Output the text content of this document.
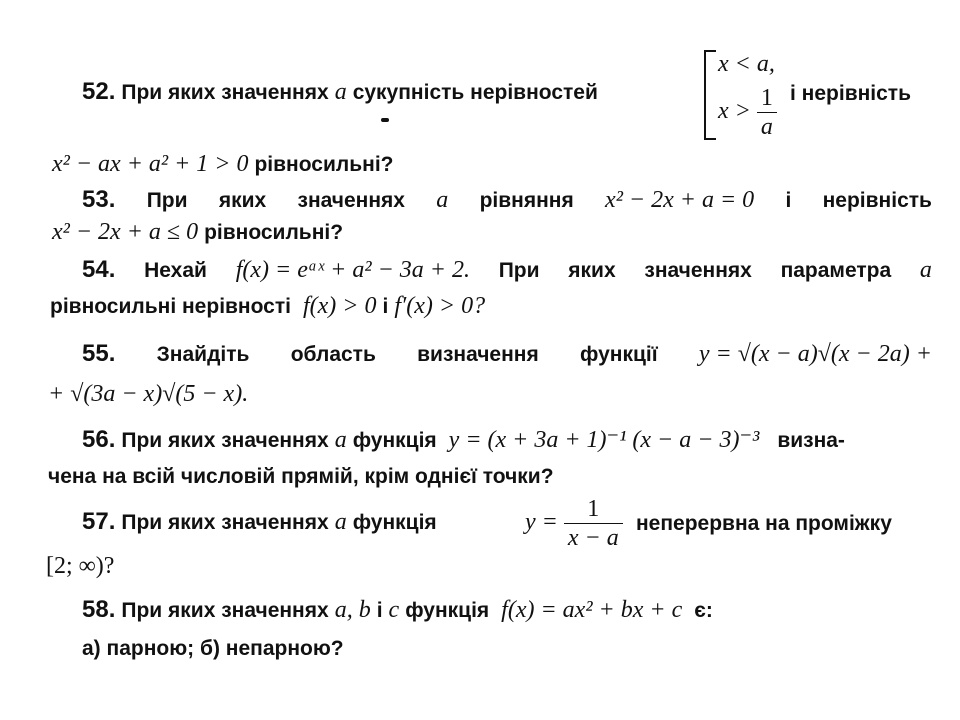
52. При яких значеннях a сукупність нерівностей
x < a,
$x > \frac{1}{a}$ і нерівність
x² − ax + a² + 1 > 0 рівносильні?
53. При яких значеннях a рівняння x² − 2x + a = 0 і нерівність
x² − 2x + a ≤ 0 рівносильні?
54. Нехай f(x) = eᵃˣ + a² − 3a + 2. При яких значеннях параметра a
рівносильні нерівності f(x) > 0 і f′(x) > 0?
55. Знайдіть область визначення функції y = √(x − a)√(x − 2a) +
+ √(3a − x)√(5 − x).
56. При яких значеннях a функція y = (x + 3a + 1)⁻¹ (x − a − 3)⁻³ визна-
чена на всій числовій прямій, крім однієї точки?
57. При яких значеннях a функція	$y = \frac{1}{x - a}$ неперервна на проміжку
[2; ∞)?
58. При яких значеннях a, b і c функція f(x) = ax² + bx + c є:
а) парною; б) непарною?
